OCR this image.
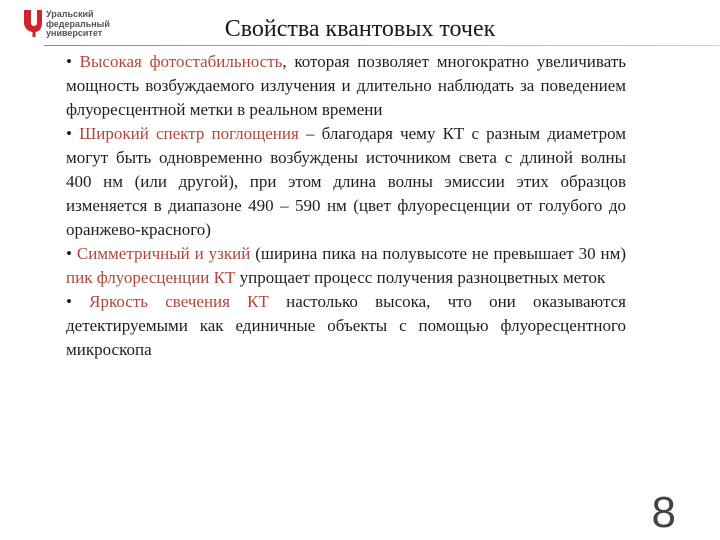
Уральский
федеральный
университет	Свойства квантовых точек

• Высокая фотостабильность, которая позволяет многократно увеличивать мощность возбуждаемого излучения и длительно наблюдать за поведением флуоресцентной метки в реальном времени

• Широкий спектр поглощения – благодаря чему КТ с разным диаметром могут быть одновременно возбуждены источником света с длиной волны 400 нм (или другой), при этом длина волны эмиссии этих образцов изменяется в диапазоне 490 – 590 нм (цвет флуоресценции от голубого до оранжево-красного)

• Симметричный и узкий (ширина пика на полувысоте не превышает 30 нм) пик флуоресценции КТ упрощает процесс получения разноцветных меток

• Яркость свечения КТ настолько высока, что они оказываются детектируемыми как единичные объекты с помощью флуоресцентного микроскопа

8
